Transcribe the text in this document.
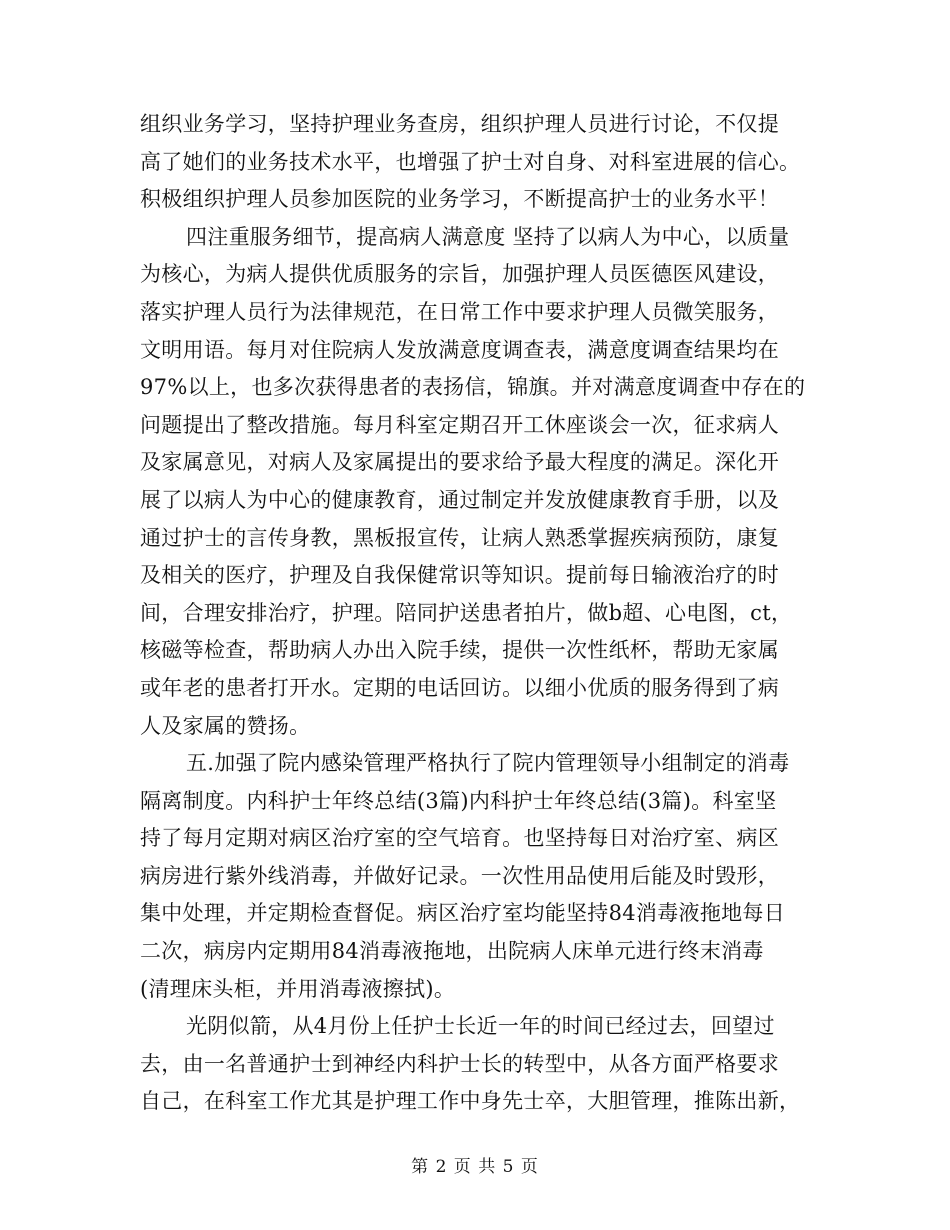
组织业务学习，坚持护理业务查房，组织护理人员进行讨论，不仅提
高了她们的业务技术水平，也增强了护士对自身、对科室进展的信心。
积极组织护理人员参加医院的业务学习，不断提高护士的业务水平！
四注重服务细节，提高病人满意度 坚持了以病人为中心，以质量
为核心，为病人提供优质服务的宗旨，加强护理人员医德医风建设，
落实护理人员行为法律规范，在日常工作中要求护理人员微笑服务，
文明用语。每月对住院病人发放满意度调查表，满意度调查结果均在
97%以上，也多次获得患者的表扬信，锦旗。并对满意度调查中存在的
问题提出了整改措施。每月科室定期召开工休座谈会一次，征求病人
及家属意见，对病人及家属提出的要求给予最大程度的满足。深化开
展了以病人为中心的健康教育，通过制定并发放健康教育手册，以及
通过护士的言传身教，黑板报宣传，让病人熟悉掌握疾病预防，康复
及相关的医疗，护理及自我保健常识等知识。提前每日输液治疗的时
间，合理安排治疗，护理。陪同护送患者拍片，做b超、心电图，ct，
核磁等检查，帮助病人办出入院手续，提供一次性纸杯，帮助无家属
或年老的患者打开水。定期的电话回访。以细小优质的服务得到了病
人及家属的赞扬。
五.加强了院内感染管理严格执行了院内管理领导小组制定的消毒
隔离制度。内科护士年终总结(3篇)内科护士年终总结(3篇)。科室坚
持了每月定期对病区治疗室的空气培育。也坚持每日对治疗室、病区
病房进行紫外线消毒，并做好记录。一次性用品使用后能及时毁形，
集中处理，并定期检查督促。病区治疗室均能坚持84消毒液拖地每日
二次，病房内定期用84消毒液拖地，出院病人床单元进行终末消毒
(清理床头柜，并用消毒液擦拭)。
光阴似箭，从4月份上任护士长近一年的时间已经过去，回望过
去，由一名普通护士到神经内科护士长的转型中，从各方面严格要求
自己，在科室工作尤其是护理工作中身先士卒，大胆管理，推陈出新，
第 2 页 共 5 页
